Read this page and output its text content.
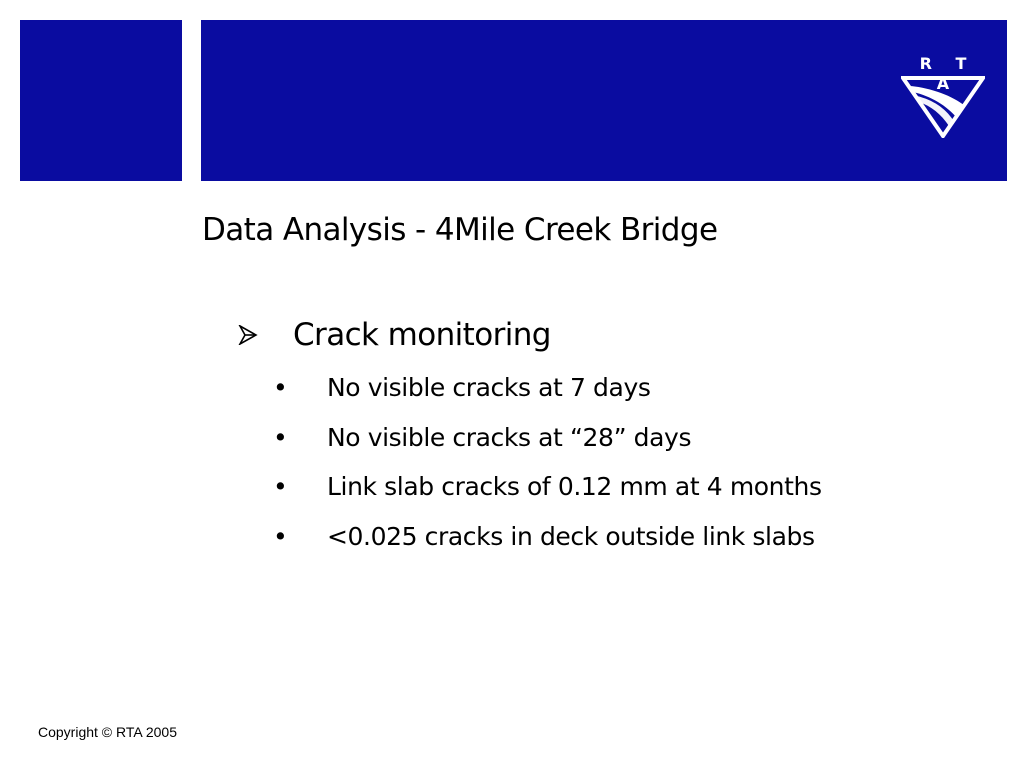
R T A
Data Analysis - 4Mile Creek Bridge
Crack monitoring
• No visible cracks at 7 days
• No visible cracks at “28” days
• Link slab cracks of 0.12 mm at 4 months
• <0.025 cracks in deck outside link slabs
Copyright © RTA 2005
